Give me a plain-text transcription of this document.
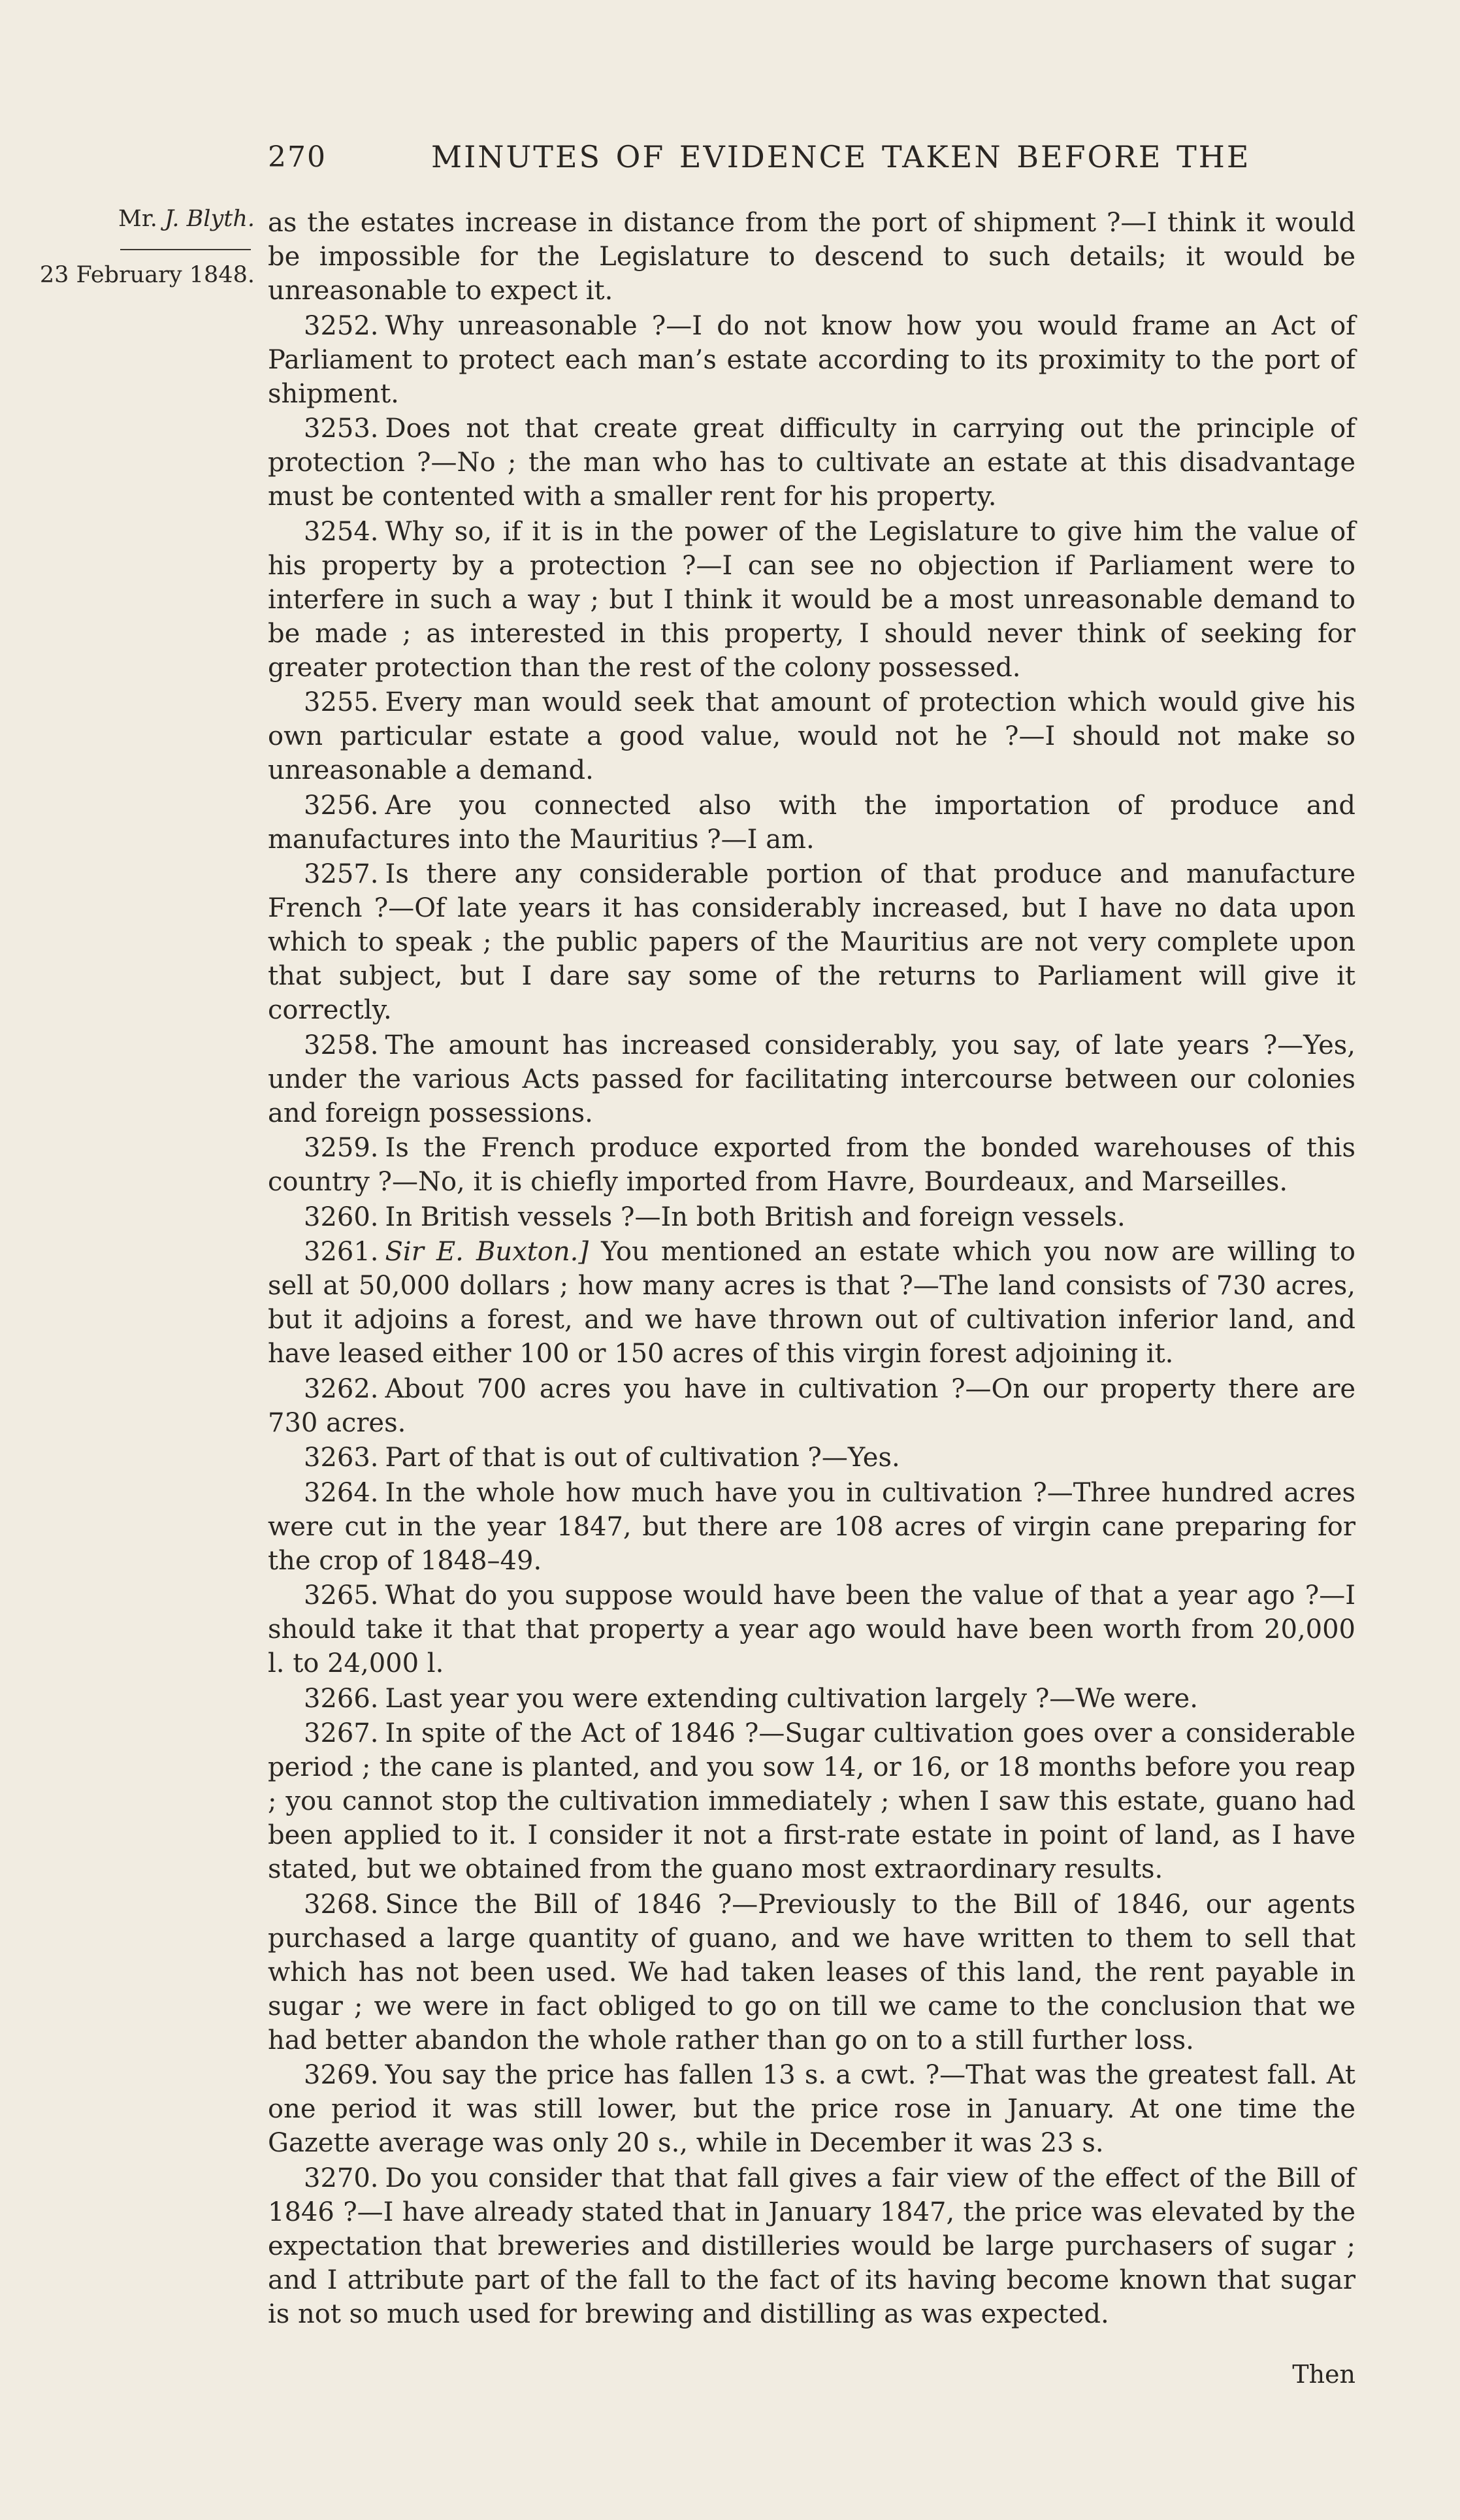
270	MINUTES OF EVIDENCE TAKEN BEFORE THE
Mr. J. Blyth.
23 February 1848.

as the estates increase in distance from the port of shipment ?—I think it would be impossible for the Legislature to descend to such details; it would be unreasonable to expect it.

3252. Why unreasonable ?—I do not know how you would frame an Act of Parliament to protect each man’s estate according to its proximity to the port of shipment.

3253. Does not that create great difficulty in carrying out the principle of protection ?—No ; the man who has to cultivate an estate at this disadvantage must be contented with a smaller rent for his property.

3254. Why so, if it is in the power of the Legislature to give him the value of his property by a protection ?—I can see no objection if Parliament were to interfere in such a way ; but I think it would be a most unreasonable demand to be made ; as interested in this property, I should never think of seeking for greater protection than the rest of the colony possessed.

3255. Every man would seek that amount of protection which would give his own particular estate a good value, would not he ?—I should not make so unreasonable a demand.

3256. Are you connected also with the importation of produce and manufactures into the Mauritius ?—I am.

3257. Is there any considerable portion of that produce and manufacture French ?—Of late years it has considerably increased, but I have no data upon which to speak ; the public papers of the Mauritius are not very complete upon that subject, but I dare say some of the returns to Parliament will give it correctly.

3258. The amount has increased considerably, you say, of late years ?—Yes, under the various Acts passed for facilitating intercourse between our colonies and foreign possessions.

3259. Is the French produce exported from the bonded warehouses of this country ?—No, it is chiefly imported from Havre, Bourdeaux, and Marseilles.

3260. In British vessels ?—In both British and foreign vessels.

3261. Sir E. Buxton.] You mentioned an estate which you now are willing to sell at 50,000 dollars ; how many acres is that ?—The land consists of 730 acres, but it adjoins a forest, and we have thrown out of cultivation inferior land, and have leased either 100 or 150 acres of this virgin forest adjoining it.

3262. About 700 acres you have in cultivation ?—On our property there are 730 acres.

3263. Part of that is out of cultivation ?—Yes.

3264. In the whole how much have you in cultivation ?—Three hundred acres were cut in the year 1847, but there are 108 acres of virgin cane preparing for the crop of 1848–49.

3265. What do you suppose would have been the value of that a year ago ?—I should take it that that property a year ago would have been worth from 20,000 l. to 24,000 l.

3266. Last year you were extending cultivation largely ?—We were.

3267. In spite of the Act of 1846 ?—Sugar cultivation goes over a considerable period ; the cane is planted, and you sow 14, or 16, or 18 months before you reap ; you cannot stop the cultivation immediately ; when I saw this estate, guano had been applied to it. I consider it not a first-rate estate in point of land, as I have stated, but we obtained from the guano most extraordinary results.

3268. Since the Bill of 1846 ?—Previously to the Bill of 1846, our agents purchased a large quantity of guano, and we have written to them to sell that which has not been used. We had taken leases of this land, the rent payable in sugar ; we were in fact obliged to go on till we came to the conclusion that we had better abandon the whole rather than go on to a still further loss.

3269. You say the price has fallen 13 s. a cwt. ?—That was the greatest fall. At one period it was still lower, but the price rose in January. At one time the Gazette average was only 20 s., while in December it was 23 s.

3270. Do you consider that that fall gives a fair view of the effect of the Bill of 1846 ?—I have already stated that in January 1847, the price was elevated by the expectation that breweries and distilleries would be large purchasers of sugar ; and I attribute part of the fall to the fact of its having become known that sugar is not so much used for brewing and distilling as was expected.

Then
